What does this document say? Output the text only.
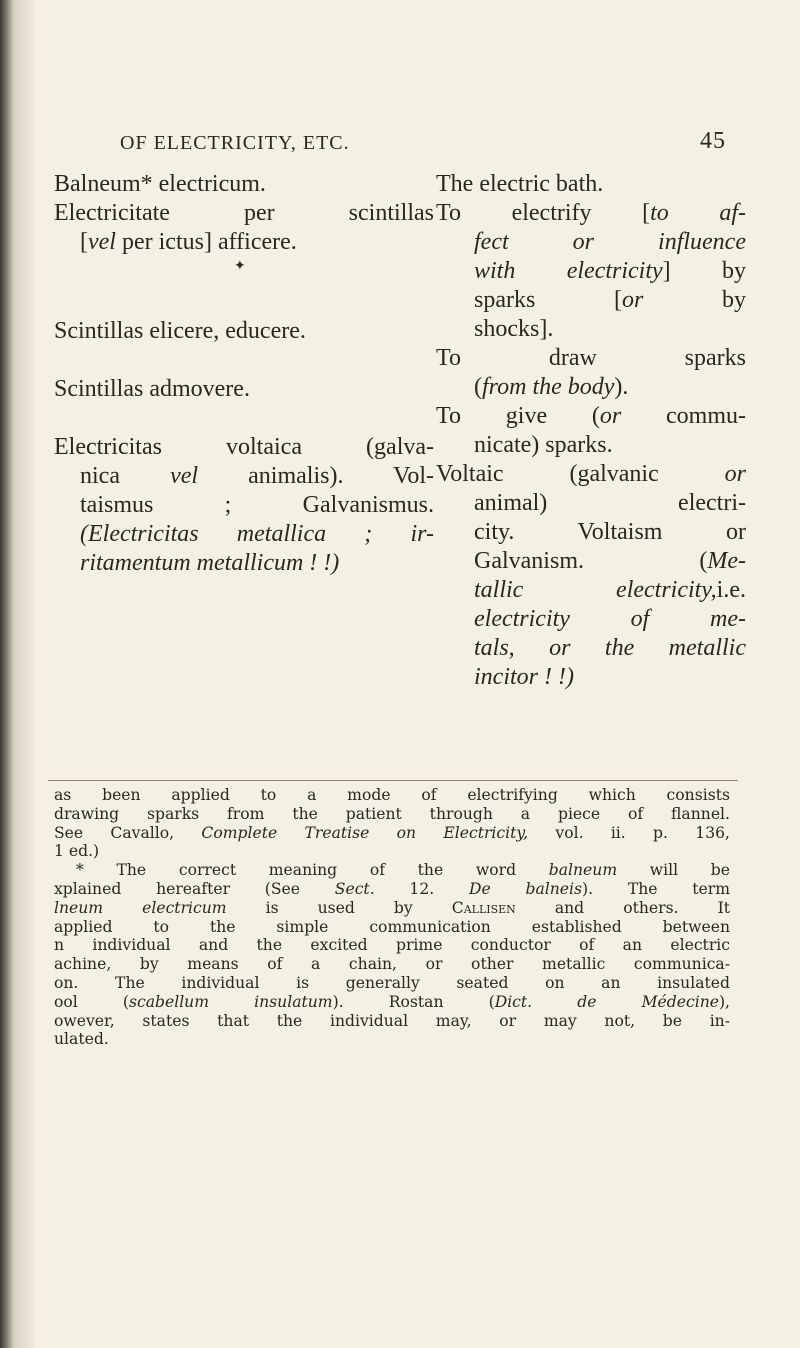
OF ELECTRICITY, ETC.	45
Balneum* electricum.
Electricitate per scintillas
[vel per ictus] afficere.
✦
Scintillas elicere, educere.
Scintillas admovere.
Electricitas voltaica (galva-
nica vel animalis). Vol-
taismus ; Galvanismus.
(Electricitas metallica ; ir-
ritamentum metallicum ! !)
The electric bath.
To electrify [to af-
fect or influence
with electricity] by
sparks [or by
shocks].
To draw sparks
(from the body).
To give (or commu-
nicate) sparks.
Voltaic (galvanic or
animal) electri-
city. Voltaism or
Galvanism. (Me-
tallic electricity,i.e.
electricity of me-
tals, or the metallic
incitor ! !)
as been applied to a mode of electrifying which consists
drawing sparks from the patient through a piece of flannel.
See Cavallo, Complete Treatise on Electricity, vol. ii. p. 136,
1 ed.)
* The correct meaning of the word balneum will be
xplained hereafter (See Sect. 12. De balneis). The term
lneum electricum is used by Callisen and others. It
applied to the simple communication established between
n individual and the excited prime conductor of an electric
achine, by means of a chain, or other metallic communica-
on. The individual is generally seated on an insulated
ool (scabellum insulatum). Rostan (Dict. de Médecine),
owever, states that the individual may, or may not, be in-
ulated.
